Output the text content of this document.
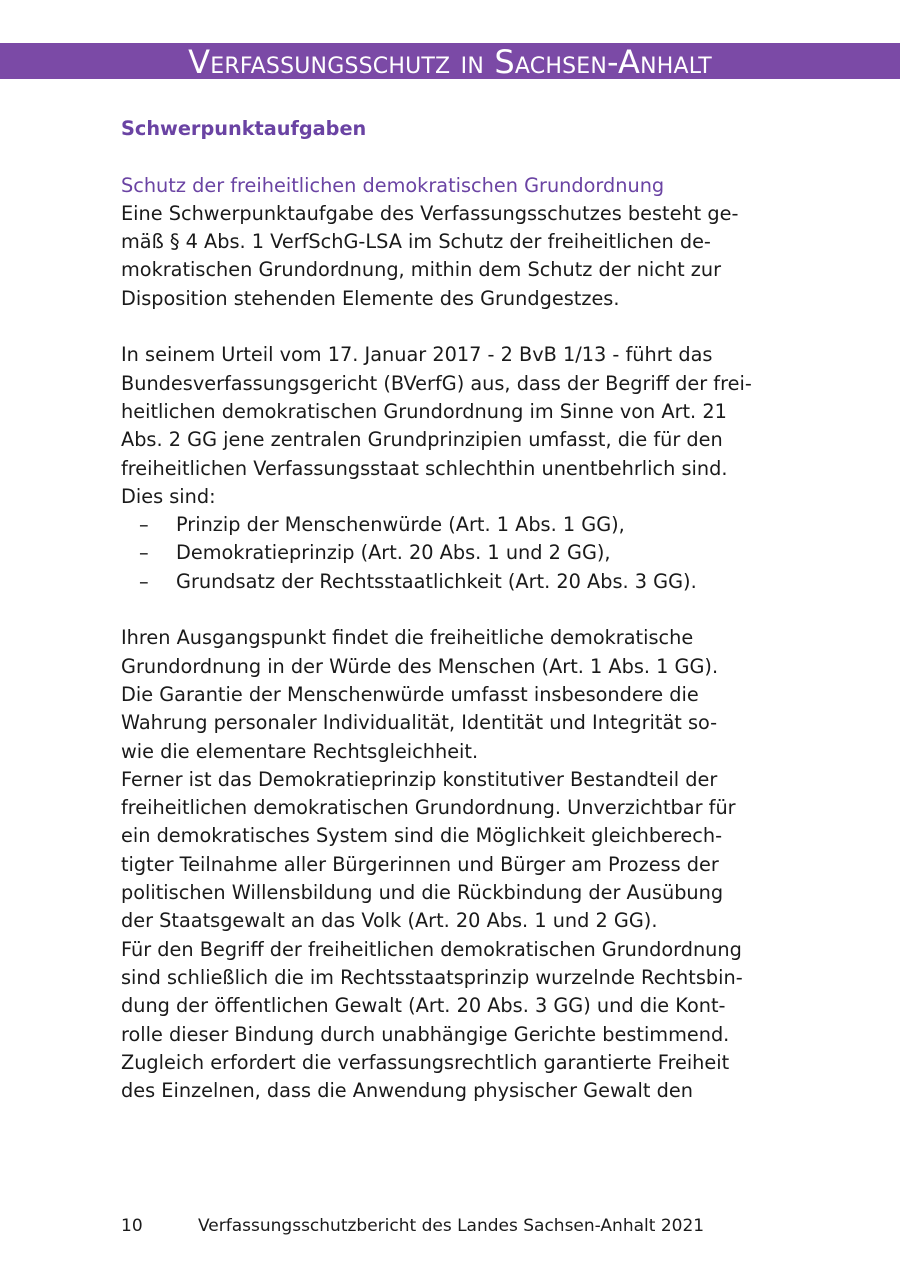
Verfassungsschutz in Sachsen-Anhalt

Schwerpunktaufgaben

Schutz der freiheitlichen demokratischen Grundordnung

Eine Schwerpunktaufgabe des Verfassungsschutzes besteht ge-
mäß § 4 Abs. 1 VerfSchG-LSA im Schutz der freiheitlichen de-
mokratischen Grundordnung, mithin dem Schutz der nicht zur
Disposition stehenden Elemente des Grundgestzes.
In seinem Urteil vom 17. Januar 2017 - 2 BvB 1/13 - führt das
Bundesverfassungsgericht (BVerfG) aus, dass der Begriff der frei-
heitlichen demokratischen Grundordnung im Sinne von Art. 21
Abs. 2 GG jene zentralen Grundprinzipien umfasst, die für den
freiheitlichen Verfassungsstaat schlechthin unentbehrlich sind.
Dies sind:
– Prinzip der Menschenwürde (Art. 1 Abs. 1 GG),
– Demokratieprinzip (Art. 20 Abs. 1 und 2 GG),
– Grundsatz der Rechtsstaatlichkeit (Art. 20 Abs. 3 GG).
Ihren Ausgangspunkt findet die freiheitliche demokratische
Grundordnung in der Würde des Menschen (Art. 1 Abs. 1 GG).
Die Garantie der Menschenwürde umfasst insbesondere die
Wahrung personaler Individualität, Identität und Integrität so-
wie die elementare Rechtsgleichheit.
Ferner ist das Demokratieprinzip konstitutiver Bestandteil der
freiheitlichen demokratischen Grundordnung. Unverzichtbar für
ein demokratisches System sind die Möglichkeit gleichberech-
tigter Teilnahme aller Bürgerinnen und Bürger am Prozess der
politischen Willensbildung und die Rückbindung der Ausübung
der Staatsgewalt an das Volk (Art. 20 Abs. 1 und 2 GG).
Für den Begriff der freiheitlichen demokratischen Grundordnung
sind schließlich die im Rechtsstaatsprinzip wurzelnde Rechtsbin-
dung der öffentlichen Gewalt (Art. 20 Abs. 3 GG) und die Kont-
rolle dieser Bindung durch unabhängige Gerichte bestimmend.
Zugleich erfordert die verfassungsrechtlich garantierte Freiheit
des Einzelnen, dass die Anwendung physischer Gewalt den
10	Verfassungsschutzbericht des Landes Sachsen-Anhalt 2021
